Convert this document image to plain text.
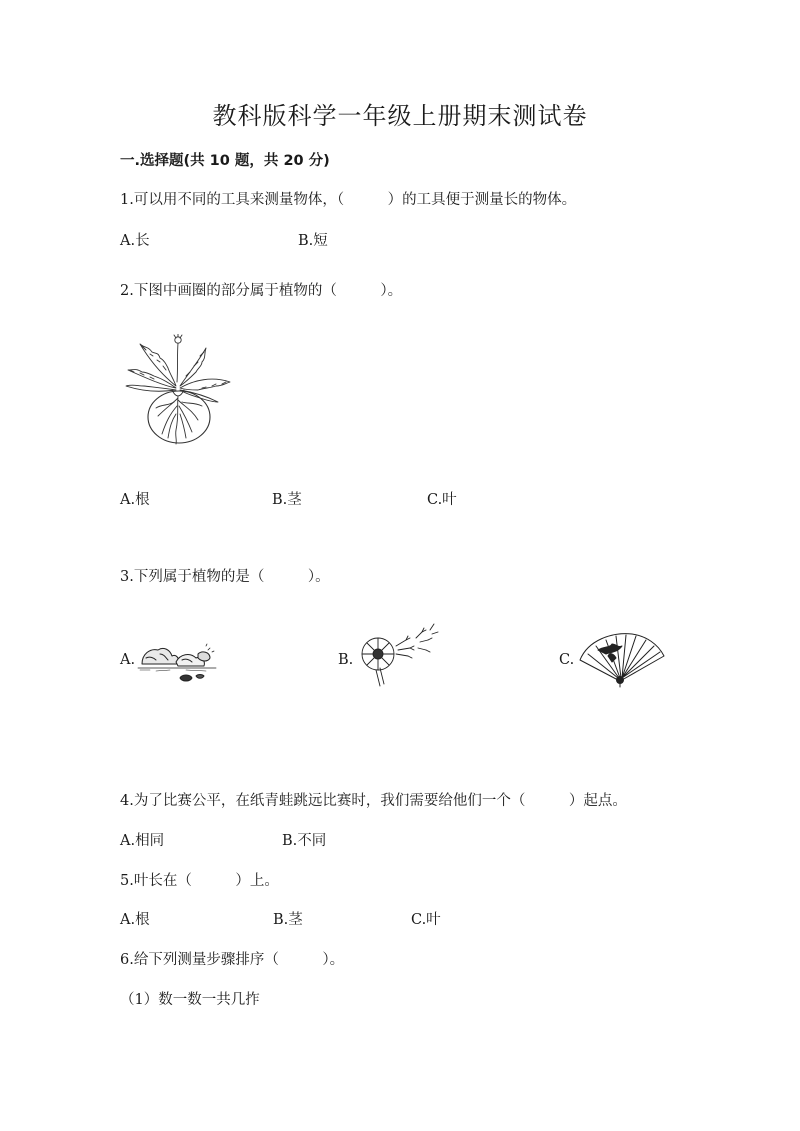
教科版科学一年级上册期末测试卷
一.选择题(共 10 题，共 20 分)
1.可以用不同的工具来测量物体，（　　　）的工具便于测量长的物体。
A.长	B.短
2.下图中画圈的部分属于植物的（　　　）。
A.根	B.茎	C.叶
3.下列属于植物的是（　　　）。
A.	B.	C.
4.为了比赛公平，在纸青蛙跳远比赛时，我们需要给他们一个（　　　）起点。
A.相同	B.不同
5.叶长在（　　　）上。
A.根	B.茎	C.叶
6.给下列测量步骤排序（　　　）。
（1）数一数一共几拃
